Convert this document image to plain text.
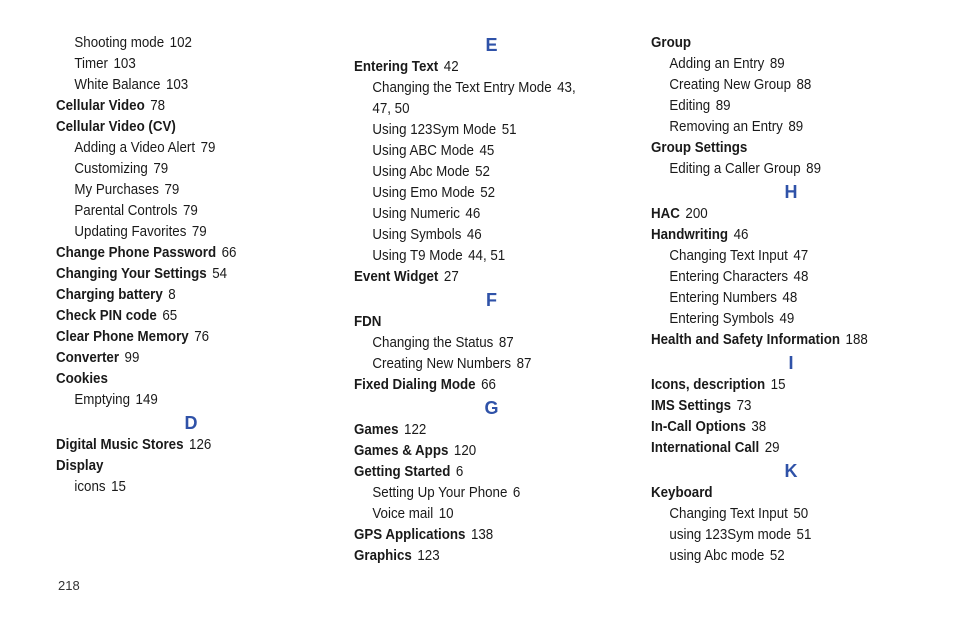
Shooting mode 102
Timer 103
White Balance 103
Cellular Video 78
Cellular Video (CV)
Adding a Video Alert 79
Customizing 79
My Purchases 79
Parental Controls 79
Updating Favorites 79
Change Phone Password 66
Changing Your Settings 54
Charging battery 8
Check PIN code 65
Clear Phone Memory 76
Converter 99
Cookies
Emptying 149
D
Digital Music Stores 126
Display
icons 15
E
Entering Text 42
Changing the Text Entry Mode 43,
47, 50
Using 123Sym Mode 51
Using ABC Mode 45
Using Abc Mode 52
Using Emo Mode 52
Using Numeric 46
Using Symbols 46
Using T9 Mode 44, 51
Event Widget 27
F
FDN
Changing the Status 87
Creating New Numbers 87
Fixed Dialing Mode 66
G
Games 122
Games & Apps 120
Getting Started 6
Setting Up Your Phone 6
Voice mail 10
GPS Applications 138
Graphics 123
Group
Adding an Entry 89
Creating New Group 88
Editing 89
Removing an Entry 89
Group Settings
Editing a Caller Group 89
H
HAC 200
Handwriting 46
Changing Text Input 47
Entering Characters 48
Entering Numbers 48
Entering Symbols 49
Health and Safety Information 188
I
Icons, description 15
IMS Settings 73
In-Call Options 38
International Call 29
K
Keyboard
Changing Text Input 50
using 123Sym mode 51
using Abc mode 52
218
